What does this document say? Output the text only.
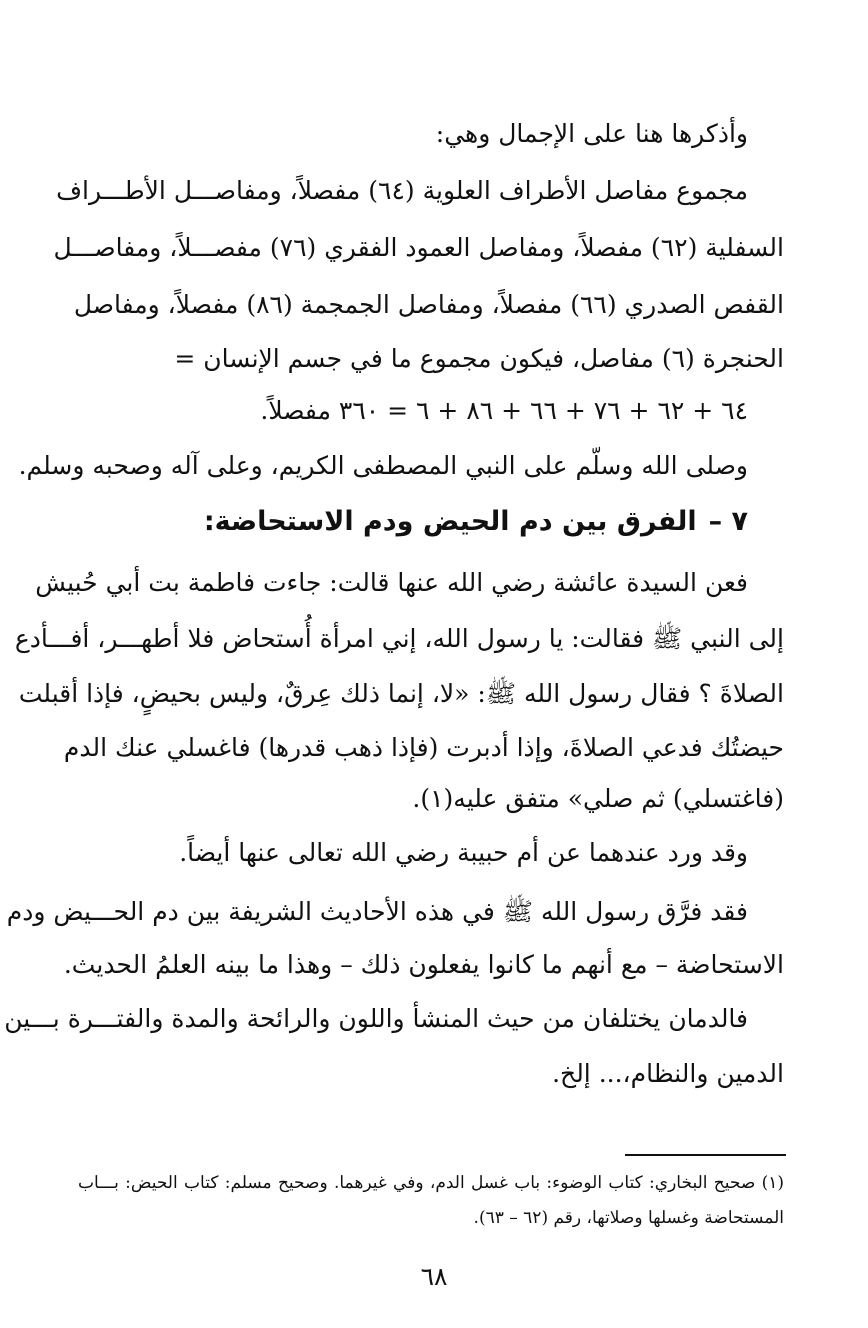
وأذكرها هنا على الإجمال وهي:
مجموع مفاصل الأطراف العلوية (٦٤) مفصلاً، ومفاصـــل الأطـــراف
السفلية (٦٢) مفصلاً، ومفاصل العمود الفقري (٧٦) مفصـــلاً، ومفاصـــل
القفص الصدري (٦٦) مفصلاً، ومفاصل الجمجمة (٨٦) مفصلاً، ومفاصل
الحنجرة (٦) مفاصل، فيكون مجموع ما في جسم الإنسان =
٦٤ + ٦٢ + ٧٦ + ٦٦ + ٨٦ + ٦ = ٣٦٠ مفصلاً.
وصلى الله وسلّم على النبي المصطفى الكريم، وعلى آله وصحبه وسلم.
٧ –الفرق بين دم الحيض ودم الاستحاضة:
فعن السيدة عائشة رضي الله عنها قالت: جاءت فاطمة بت أبي حُبيش
إلى النبي ﷺ فقالت: يا رسول الله، إني امرأة أُستحاض فلا أطهـــر، أفـــأدع
الصلاةَ ؟ فقال رسول الله ﷺ: «لا، إنما ذلك عِرقٌ، وليس بحيضٍ، فإذا أقبلت
حيضتُك فدعي الصلاةَ، وإذا أدبرت (فإذا ذهب قدرها) فاغسلي عنك الدم
(فاغتسلي) ثم صلي» متفق عليه(١).
وقد ورد عندهما عن أم حبيبة رضي الله تعالى عنها أيضاً.
فقد فرَّق رسول الله ﷺ في هذه الأحاديث الشريفة بين دم الحـــيض ودم
الاستحاضة – مع أنهم ما كانوا يفعلون ذلك – وهذا ما بينه العلمُ الحديث.
فالدمان يختلفان من حيث المنشأ واللون والرائحة والمدة والفتـــرة بـــين
الدمين والنظام،... إلخ.
(١) صحيح البخاري: كتاب الوضوء: باب غسل الدم، وفي غيرهما. وصحيح مسلم: كتاب الحيض: بـــاب
المستحاضة وغسلها وصلاتها، رقم (٦٢ – ٦٣).
٦٨
